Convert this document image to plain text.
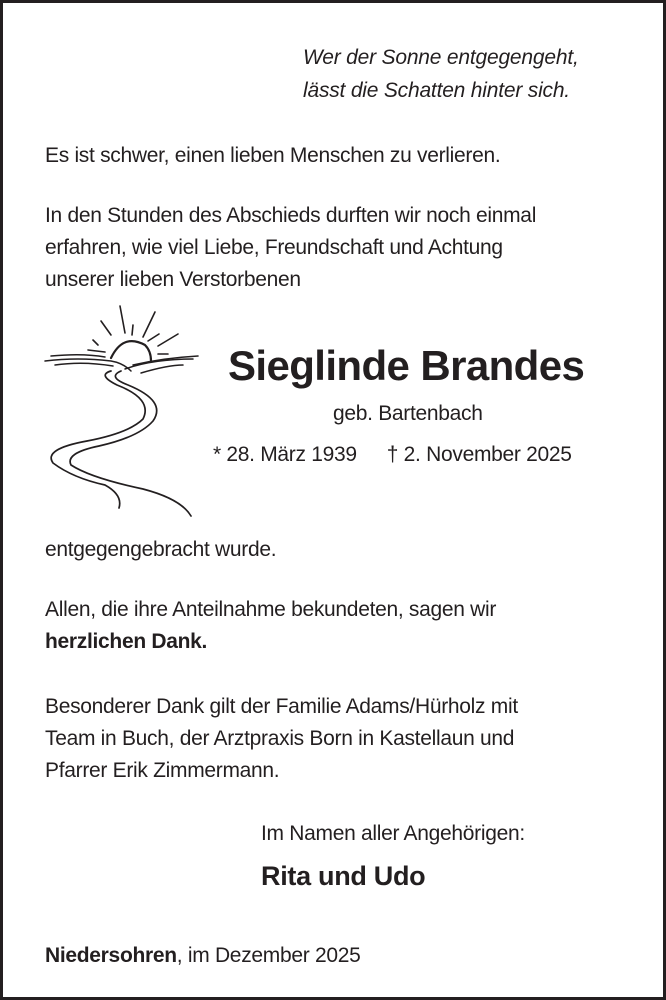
Wer der Sonne entgegengeht,
lässt die Schatten hinter sich.
Es ist schwer, einen lieben Menschen zu verlieren.
In den Stunden des Abschieds durften wir noch einmal
erfahren, wie viel Liebe, Freundschaft und Achtung
unserer lieben Verstorbenen
Sieglinde Brandes
geb. Bartenbach
* 28. März 1939 † 2. November 2025
entgegengebracht wurde.
Allen, die ihre Anteilnahme bekundeten, sagen wir
herzlichen Dank.
Besonderer Dank gilt der Familie Adams/Hürholz mit
Team in Buch, der Arztpraxis Born in Kastellaun und
Pfarrer Erik Zimmermann.
Im Namen aller Angehörigen:
Rita und Udo
Niedersohren, im Dezember 2025
